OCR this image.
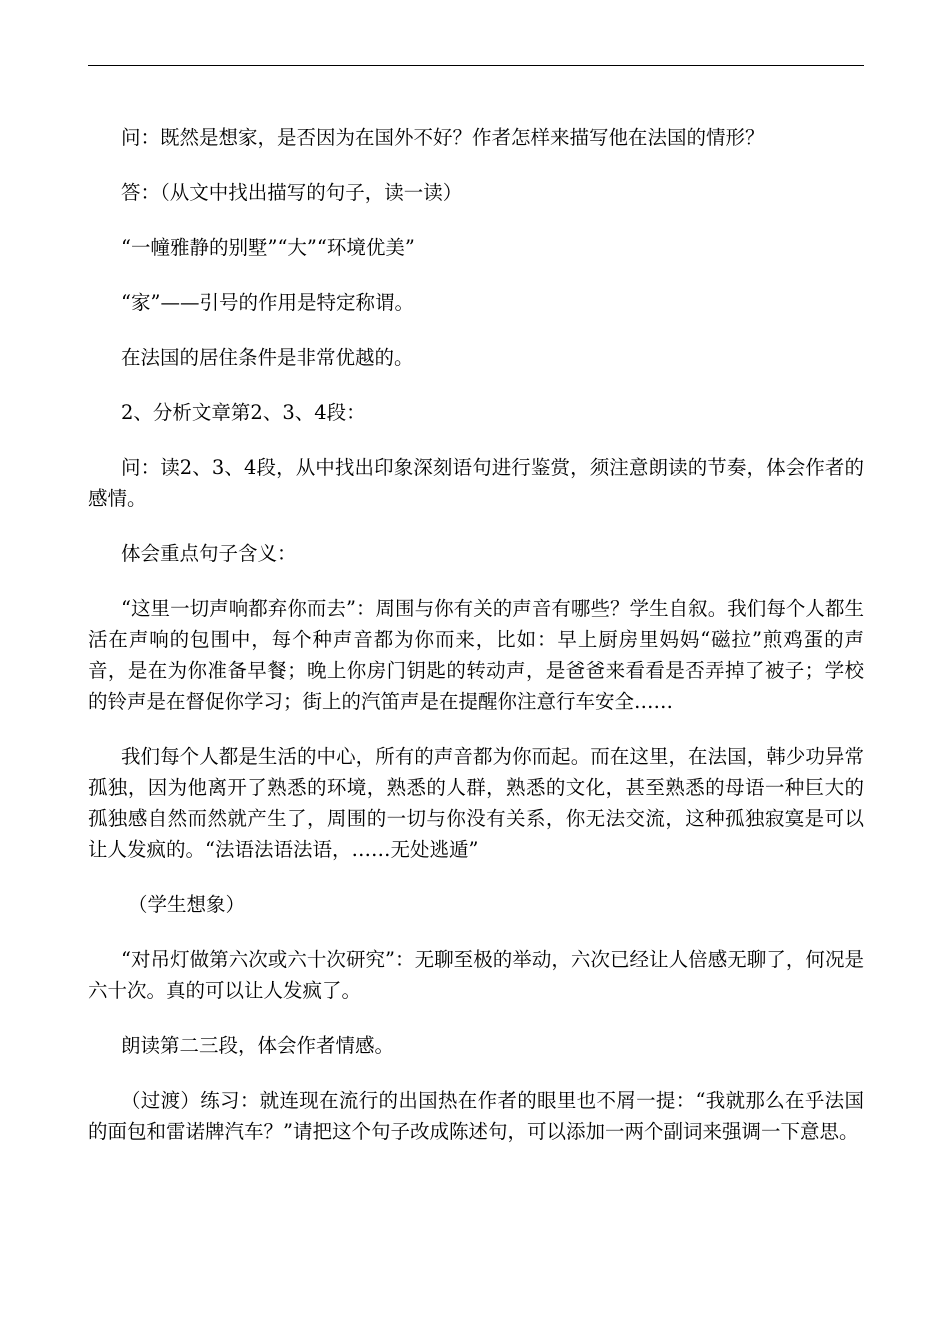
问：既然是想家，是否因为在国外不好？作者怎样来描写他在法国的情形？

答：（从文中找出描写的句子，读一读）

“一幢雅静的别墅”“大”“环境优美”

“家”——引号的作用是特定称谓。

在法国的居住条件是非常优越的。

2、分析文章第2、3、4段：

问：读2、3、4段，从中找出印象深刻语句进行鉴赏，须注意朗读的节奏，体会作者的感情。

体会重点句子含义：

“这里一切声响都弃你而去”：周围与你有关的声音有哪些？学生自叙。我们每个人都生活在声响的包围中，每个种声音都为你而来，比如：早上厨房里妈妈“磁拉”煎鸡蛋的声音，是在为你准备早餐；晚上你房门钥匙的转动声，是爸爸来看看是否弄掉了被子；学校的铃声是在督促你学习；街上的汽笛声是在提醒你注意行车安全……

我们每个人都是生活的中心，所有的声音都为你而起。而在这里，在法国，韩少功异常孤独，因为他离开了熟悉的环境，熟悉的人群，熟悉的文化，甚至熟悉的母语一种巨大的孤独感自然而然就产生了，周围的一切与你没有关系，你无法交流，这种孤独寂寞是可以让人发疯的。“法语法语法语，……无处逃遁”

（学生想象）

“对吊灯做第六次或六十次研究”：无聊至极的举动，六次已经让人倍感无聊了，何况是六十次。真的可以让人发疯了。

朗读第二三段，体会作者情感。

（过渡）练习：就连现在流行的出国热在作者的眼里也不屑一提：“我就那么在乎法国的面包和雷诺牌汽车？”请把这个句子改成陈述句，可以添加一两个副词来强调一下意思。
